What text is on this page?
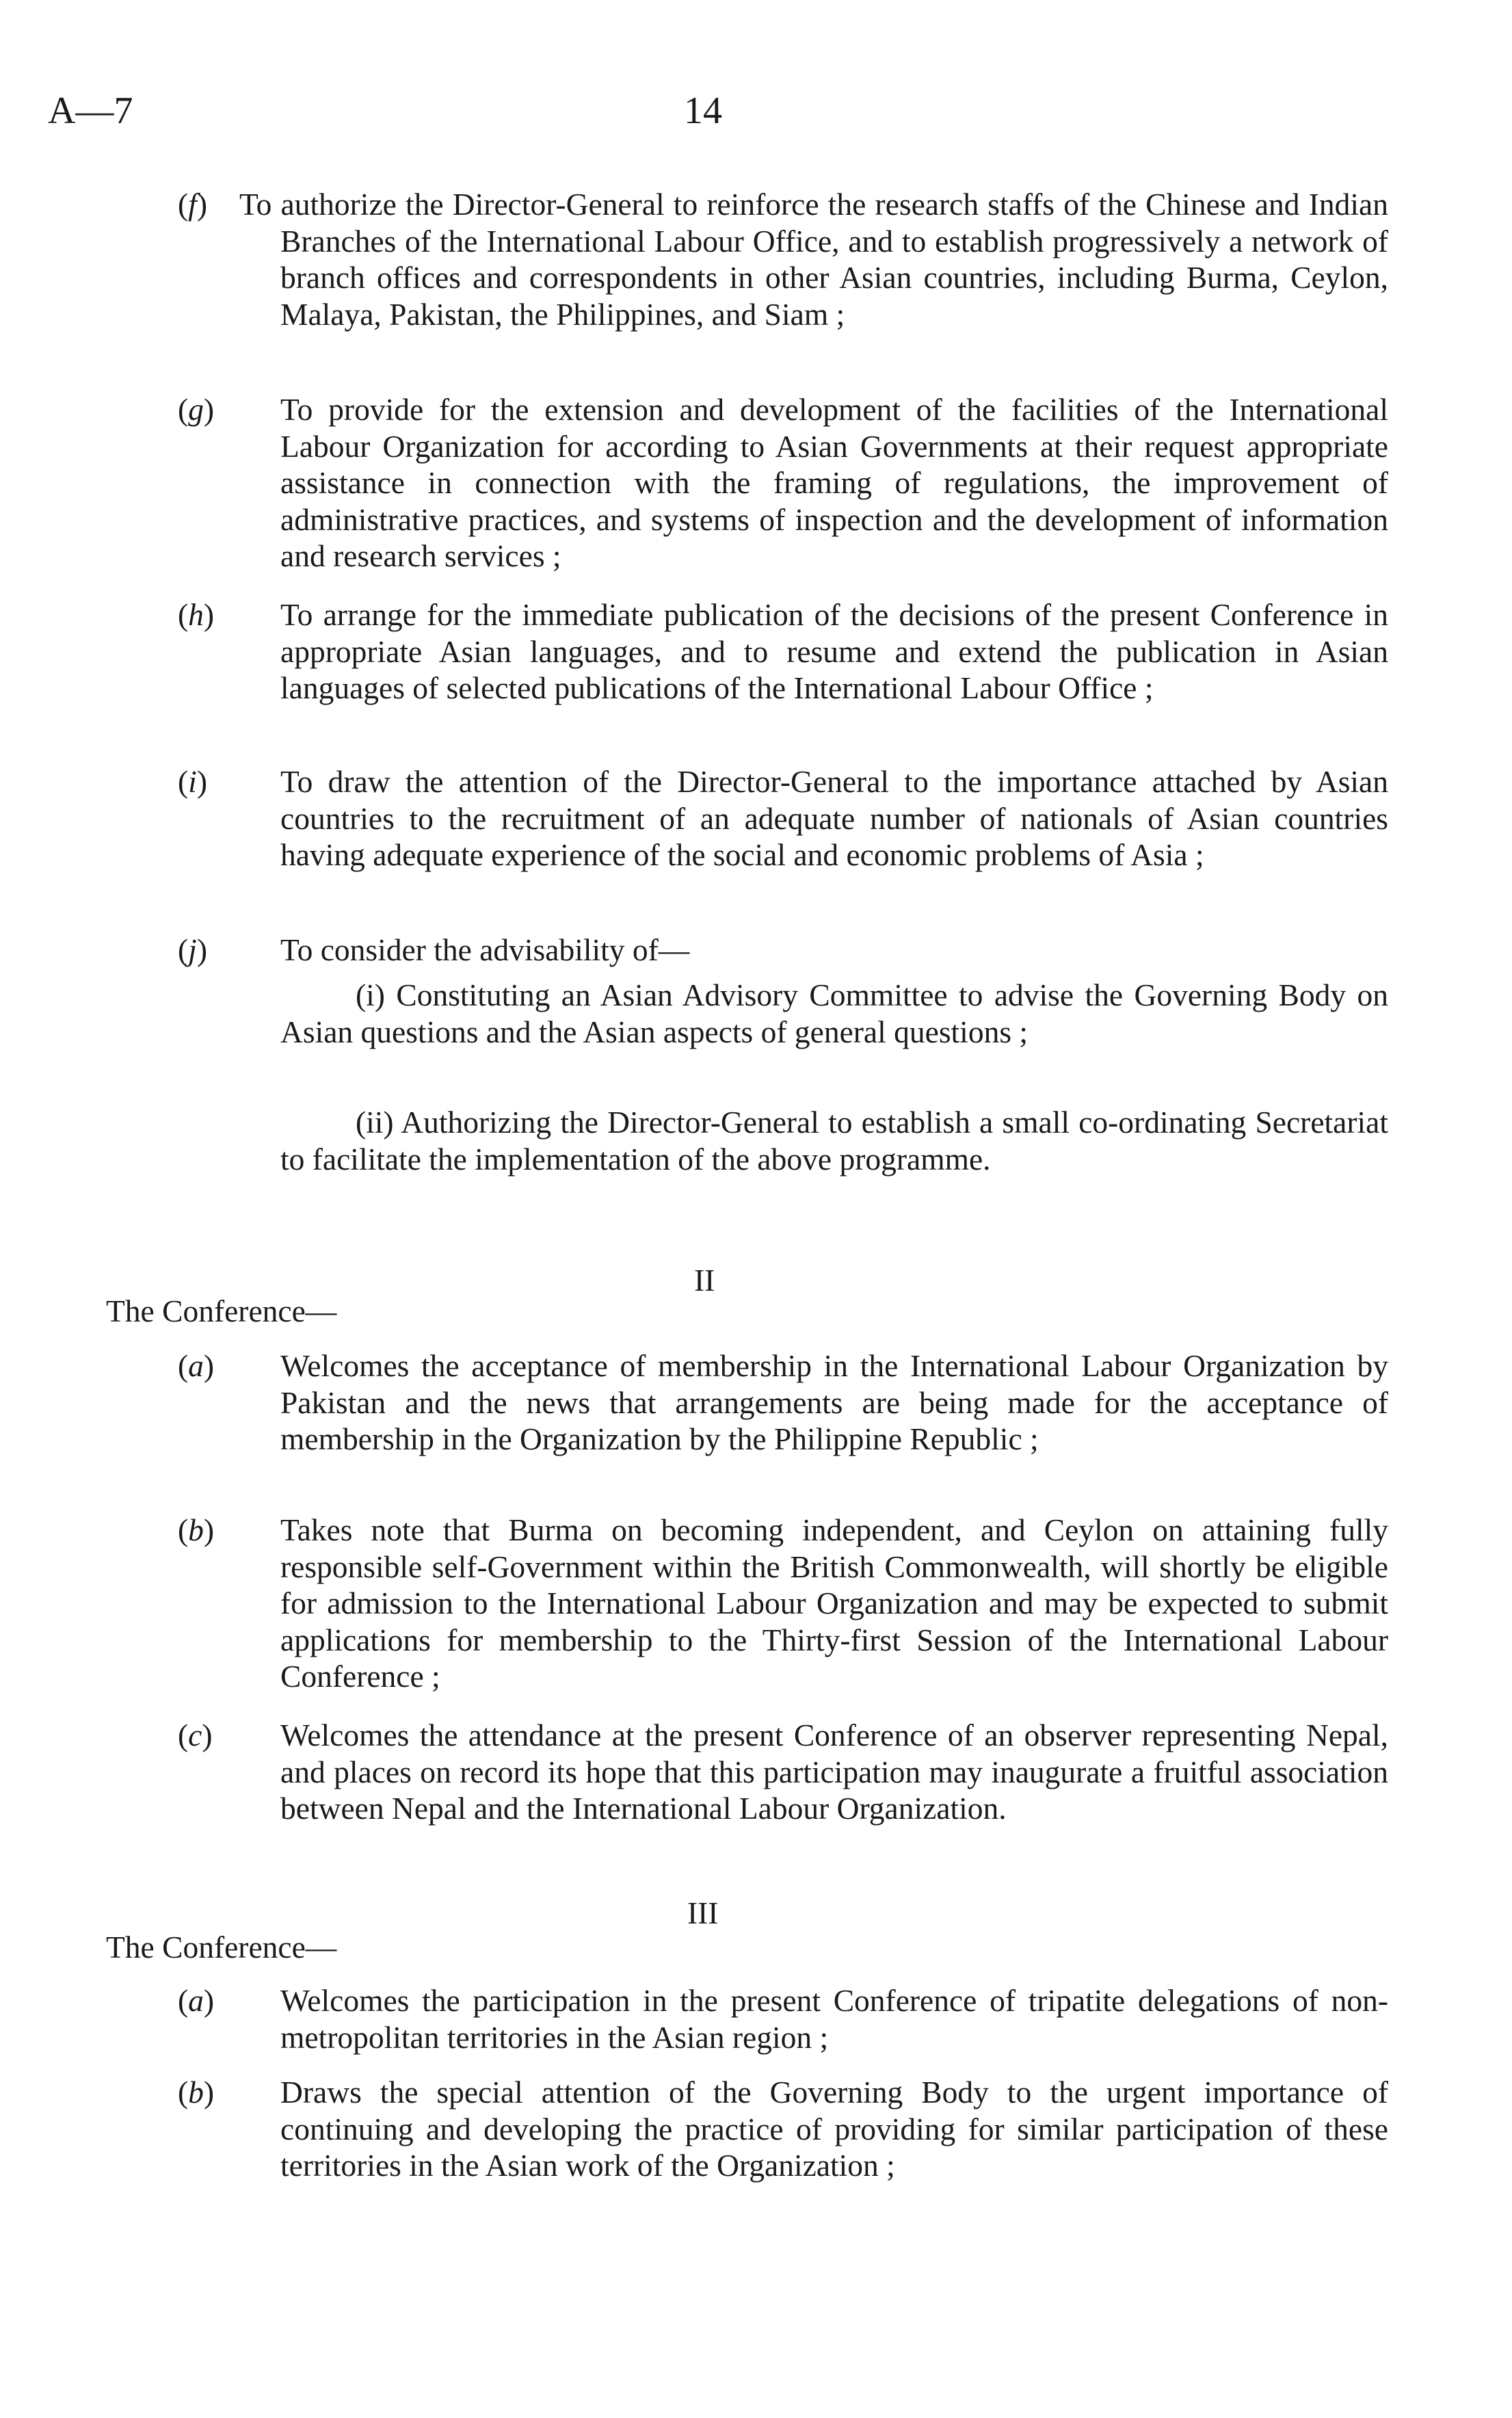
A—7	14
(f) To authorize the Director-General to reinforce the research staffs of the Chinese and Indian Branches of the International Labour Office, and to establish progressively a network of branch offices and correspondents in other Asian countries, including Burma, Ceylon, Malaya, Pakistan, the Philippines, and Siam ;
(g) To provide for the extension and development of the facilities of the International Labour Organization for according to Asian Governments at their request appropriate assistance in connection with the framing of regulations, the improvement of administrative practices, and systems of inspection and the development of information and research services ;
(h) To arrange for the immediate publication of the decisions of the present Conference in appropriate Asian languages, and to resume and extend the publication in Asian languages of selected publications of the International Labour Office ;
(i) To draw the attention of the Director-General to the importance attached by Asian countries to the recruitment of an adequate number of nationals of Asian countries having adequate experience of the social and economic problems of Asia ;
(j) To consider the advisability of—
(i) Constituting an Asian Advisory Committee to advise the Governing Body on Asian questions and the Asian aspects of general questions ;
(ii) Authorizing the Director-General to establish a small co-ordinating Secretariat to facilitate the implementation of the above programme.
II
The Conference—
(a) Welcomes the acceptance of membership in the International Labour Organization by Pakistan and the news that arrangements are being made for the acceptance of membership in the Organization by the Philippine Republic ;
(b) Takes note that Burma on becoming independent, and Ceylon on attaining fully responsible self-Government within the British Commonwealth, will shortly be eligible for admission to the International Labour Organization and may be expected to submit applications for membership to the Thirty-first Session of the International Labour Conference ;
(c) Welcomes the attendance at the present Conference of an observer representing Nepal, and places on record its hope that this participation may inaugurate a fruitful association between Nepal and the International Labour Organization.
III
The Conference—
(a) Welcomes the participation in the present Conference of tripatite delegations of non-metropolitan territories in the Asian region ;
(b) Draws the special attention of the Governing Body to the urgent importance of continuing and developing the practice of providing for similar participation of these territories in the Asian work of the Organization ;
